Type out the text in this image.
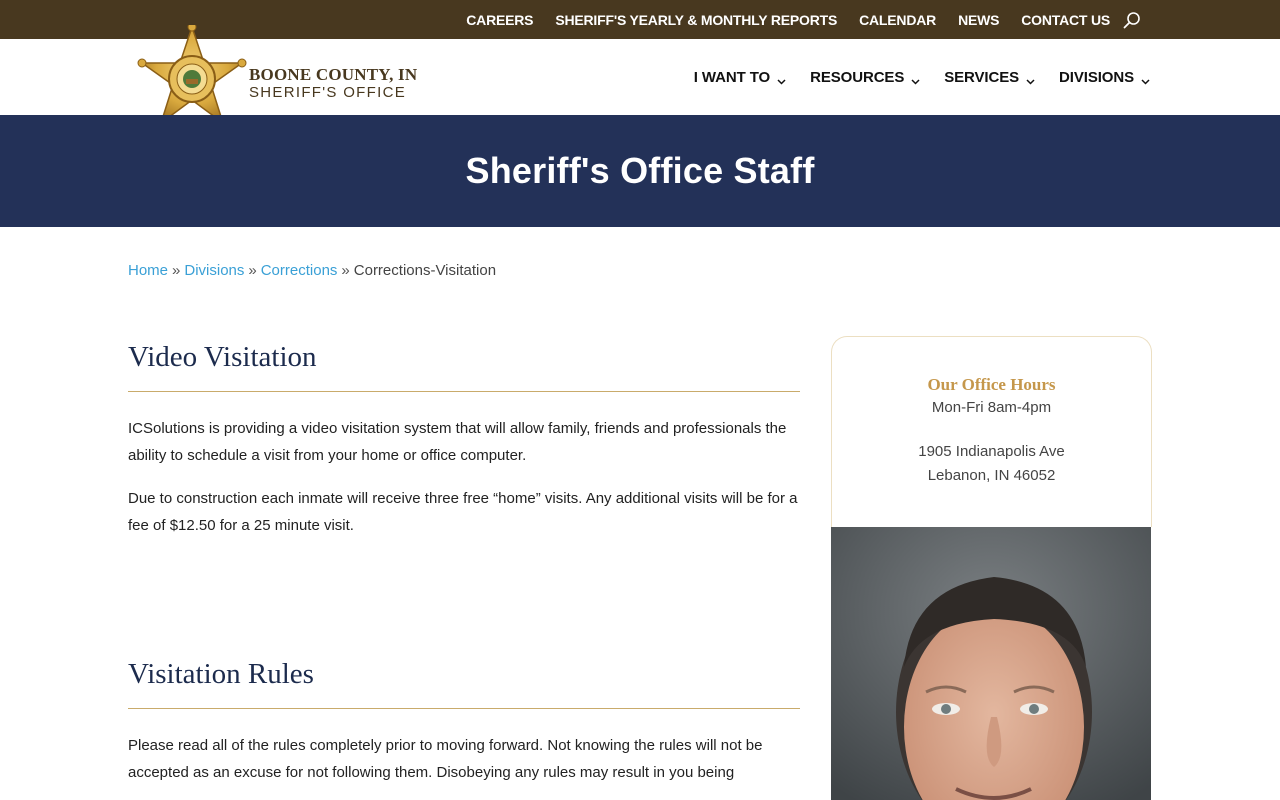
CAREERS SHERIFF'S YEARLY & MONTHLY REPORTS CALENDAR NEWS CONTACT US
BOONE COUNTY, IN
SHERIFF'S OFFICE
I WANT TO	RESOURCES	SERVICES	DIVISIONS
Sheriff's Office Staff
Home » Divisions » Corrections » Corrections-Visitation
Video Visitation

ICSolutions is providing a video visitation system that will allow family, friends and professionals the ability to schedule a visit from your home or office computer.

Due to construction each inmate will receive three free “home” visits. Any additional visits will be for a fee of $12.50 for a 25 minute visit.

Visitation Rules

Please read all of the rules completely prior to moving forward. Not knowing the rules will not be accepted as an excuse for not following them. Disobeying any rules may result in you being

Our Office Hours
Mon-Fri 8am-4pm
1905 Indianapolis Ave
Lebanon, IN 46052
